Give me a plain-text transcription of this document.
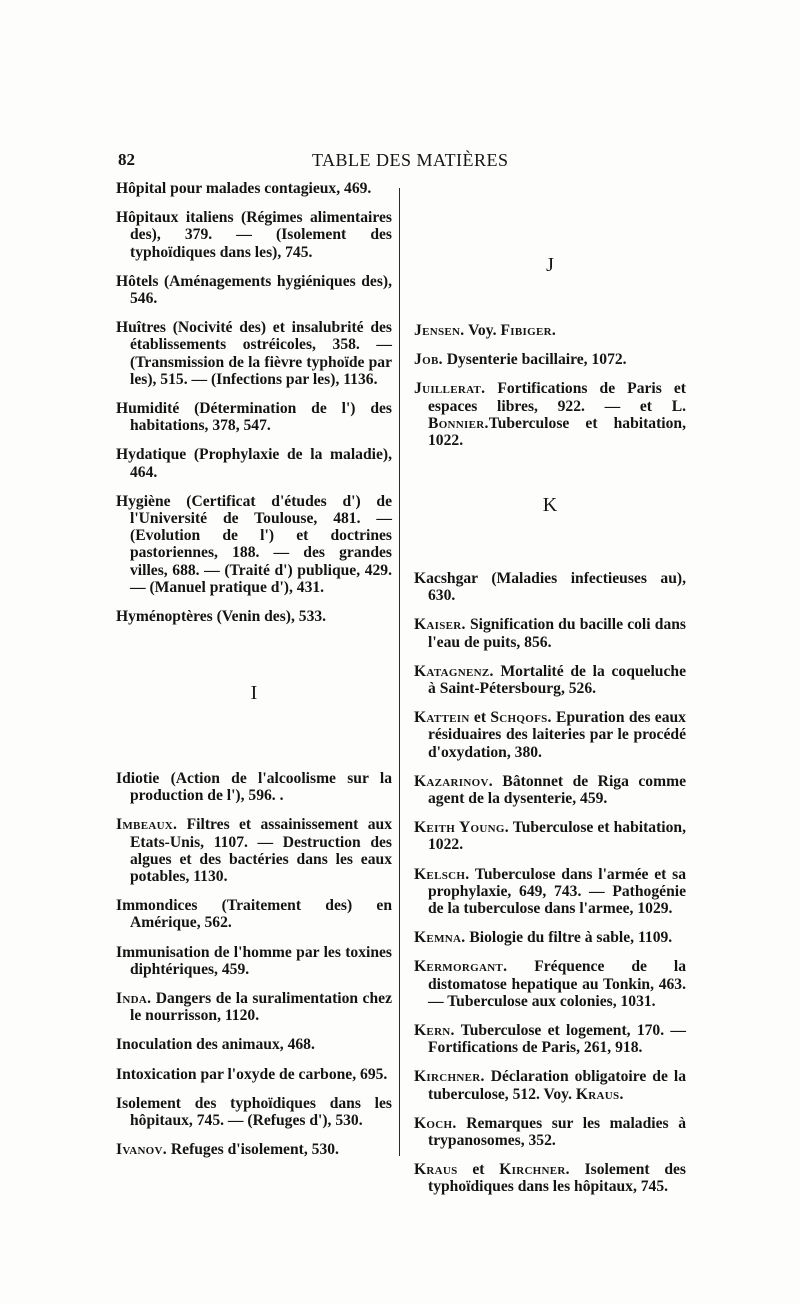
82	TABLE DES MATIÈRES

Hôpital pour malades contagieux, 469.

Hôpitaux italiens (Régimes alimentaires des), 379. — (Isolement des typhoïdiques dans les), 745.

Hôtels (Aménagements hygiéniques des), 546.

Huîtres (Nocivité des) et insalubrité des établissements ostréicoles, 358. — (Transmission de la fièvre typhoïde par les), 515. — (Infections par les), 1136.

Humidité (Détermination de l') des habitations, 378, 547.

Hydatique (Prophylaxie de la maladie), 464.

Hygiène (Certificat d'études d') de l'Université de Toulouse, 481. — (Evolution de l') et doctrines pastoriennes, 188. — des grandes villes, 688. — (Traité d') publique, 429. — (Manuel pratique d'), 431.

Hyménoptères (Venin des), 533.

I

Idiotie (Action de l'alcoolisme sur la production de l'), 596. .

Imbeaux. Filtres et assainissement aux Etats-Unis, 1107. — Destruction des algues et des bactéries dans les eaux potables, 1130.

Immondices (Traitement des) en Amérique, 562.

Immunisation de l'homme par les toxines diphtériques, 459.

Inda. Dangers de la suralimentation chez le nourrisson, 1120.

Inoculation des animaux, 468.

Intoxication par l'oxyde de carbone, 695.

Isolement des typhoïdiques dans les hôpitaux, 745. — (Refuges d'), 530.

Ivanov. Refuges d'isolement, 530.

J

Jensen. Voy. Fibiger.

Job. Dysenterie bacillaire, 1072.

Juillerat. Fortifications de Paris et espaces libres, 922. — et L. Bonnier.Tuberculose et habitation, 1022.

K

Kacshgar (Maladies infectieuses au), 630.

Kaiser. Signification du bacille coli dans l'eau de puits, 856.

Katagnenz. Mortalité de la coqueluche à Saint-Pétersbourg, 526.

Kattein et Schqofs. Epuration des eaux résiduaires des laiteries par le procédé d'oxydation, 380.

Kazarinov. Bâtonnet de Riga comme agent de la dysenterie, 459.

Keith Young. Tuberculose et habitation, 1022.

Kelsch. Tuberculose dans l'armée et sa prophylaxie, 649, 743. — Pathogénie de la tuberculose dans l'armee, 1029.

Kemna. Biologie du filtre à sable, 1109.

Kermorgant. Fréquence de la distomatose hepatique au Tonkin, 463. — Tuberculose aux colonies, 1031.

Kern. Tuberculose et logement, 170. — Fortifications de Paris, 261, 918.

Kirchner. Déclaration obligatoire de la tuberculose, 512. Voy. Kraus.

Koch. Remarques sur les maladies à trypanosomes, 352.

Kraus et Kirchner. Isolement des typhoïdiques dans les hôpitaux, 745.
